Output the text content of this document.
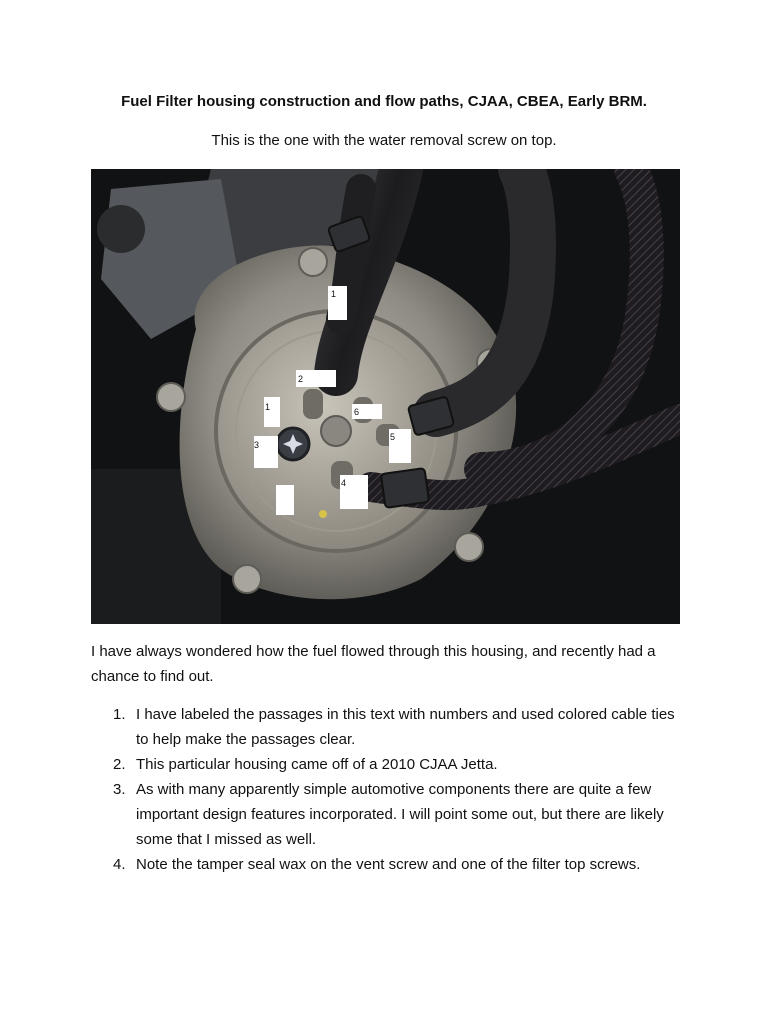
Fuel Filter housing construction and flow paths, CJAA, CBEA, Early BRM.
This is the one with the water removal screw on top.
1
2
6
1
3
5
4

I have always wondered how the fuel flowed through this housing, and recently had a chance to find out.

1. I have labeled the passages in this text with numbers and used colored cable ties to help make the passages clear.
2. This particular housing came off of a 2010 CJAA Jetta.
3. As with many apparently simple automotive components there are quite a few important design features incorporated. I will point some out, but there are likely some that I missed as well.
4. Note the tamper seal wax on the vent screw and one of the filter top screws.
